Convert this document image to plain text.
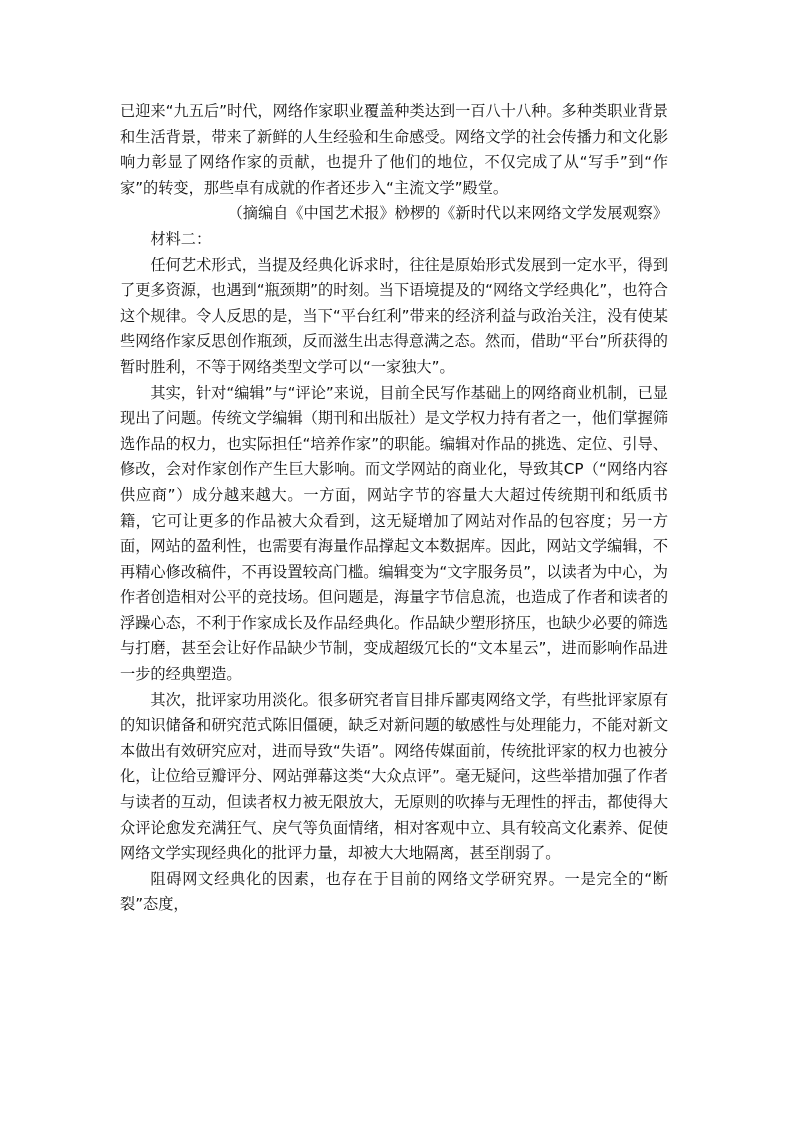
已迎来“九五后”时代，网络作家职业覆盖种类达到一百八十八种。多种类职业背景和生活背景，带来了新鲜的人生经验和生命感受。网络文学的社会传播力和文化影响力彰显了网络作家的贡献，也提升了他们的地位，不仅完成了从“写手”到“作家”的转变，那些卓有成就的作者还步入“主流文学”殿堂。

（摘编自《中国艺术报》桫椤的《新时代以来网络文学发展观察》

材料二：

任何艺术形式，当提及经典化诉求时，往往是原始形式发展到一定水平，得到了更多资源，也遇到“瓶颈期”的时刻。当下语境提及的“网络文学经典化”，也符合这个规律。令人反思的是，当下“平台红利”带来的经济利益与政治关注，没有使某些网络作家反思创作瓶颈，反而滋生出志得意满之态。然而，借助“平台”所获得的暂时胜利，不等于网络类型文学可以“一家独大”。

其实，针对“编辑”与“评论”来说，目前全民写作基础上的网络商业机制，已显现出了问题。传统文学编辑（期刊和出版社）是文学权力持有者之一，他们掌握筛选作品的权力，也实际担任“培养作家”的职能。编辑对作品的挑选、定位、引导、修改，会对作家创作产生巨大影响。而文学网站的商业化，导致其CP（“网络内容供应商”）成分越来越大。一方面，网站字节的容量大大超过传统期刊和纸质书籍，它可让更多的作品被大众看到，这无疑增加了网站对作品的包容度；另一方面，网站的盈利性，也需要有海量作品撑起文本数据库。因此，网站文学编辑，不再精心修改稿件，不再设置较高门槛。编辑变为“文字服务员”，以读者为中心，为作者创造相对公平的竞技场。但问题是，海量字节信息流，也造成了作者和读者的浮躁心态，不利于作家成长及作品经典化。作品缺少塑形挤压，也缺少必要的筛选与打磨，甚至会让好作品缺少节制，变成超级冗长的“文本星云”，进而影响作品进一步的经典塑造。

其次，批评家功用淡化。很多研究者盲目排斥鄙夷网络文学，有些批评家原有的知识储备和研究范式陈旧僵硬，缺乏对新问题的敏感性与处理能力，不能对新文本做出有效研究应对，进而导致“失语”。网络传媒面前，传统批评家的权力也被分化，让位给豆瓣评分、网站弹幕这类“大众点评”。毫无疑问，这些举措加强了作者与读者的互动，但读者权力被无限放大，无原则的吹捧与无理性的抨击，都使得大众评论愈发充满狂气、戾气等负面情绪，相对客观中立、具有较高文化素养、促使网络文学实现经典化的批评力量，却被大大地隔离，甚至削弱了。

阻碍网文经典化的因素，也存在于目前的网络文学研究界。一是完全的“断裂”态度，
